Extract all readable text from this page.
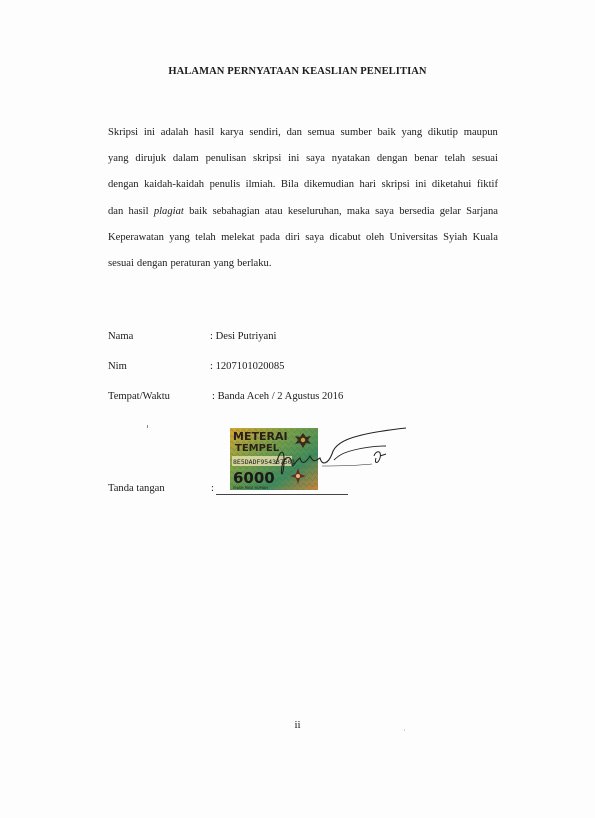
HALAMAN PERNYATAAN KEASLIAN PENELITIAN
Skripsi ini adalah hasil karya sendiri, dan semua sumber baik yang dikutip maupun
yang dirujuk dalam penulisan skripsi ini saya nyatakan dengan benar telah sesuai
dengan kaidah-kaidah penulis ilmiah. Bila dikemudian hari skripsi ini diketahui fiktif
dan hasil plagiat baik sebahagian atau keseluruhan, maka saya bersedia gelar Sarjana
Keperawatan yang telah melekat pada diri saya dicabut oleh Universitas Syiah Kuala
sesuai dengan peraturan yang berlaku.
Nama	: Desi Putriyani
Nim	: 1207101020085
Tempat/Waktu	: Banda Aceh / 2 Agustus 2016
METERAI
TEMPEL
8E5DADF954337501
6000
ENAM RIBU RUPIAH
Tanda tangan	:
ii	·
